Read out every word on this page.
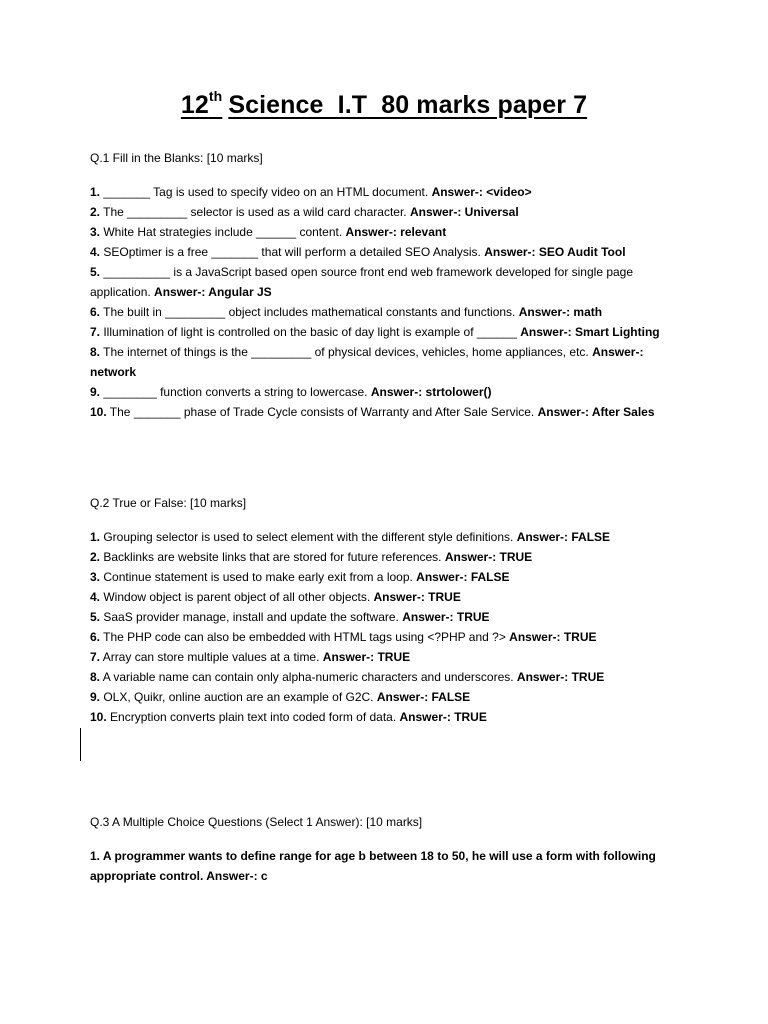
12th Science  I.T  80 marks paper 7

Q.1 Fill in the Blanks: [10 marks]

1. _______ Tag is used to specify video on an HTML document. Answer-: <video>
2. The _________ selector is used as a wild card character. Answer-: Universal
3. White Hat strategies include ______ content. Answer-: relevant
4. SEOptimer is a free _______ that will perform a detailed SEO Analysis. Answer-: SEO Audit Tool
5. __________ is a JavaScript based open source front end web framework developed for single page application. Answer-: Angular JS
6. The built in _________ object includes mathematical constants and functions. Answer-: math
7. Illumination of light is controlled on the basic of day light is example of ______ Answer-: Smart Lighting
8. The internet of things is the _________ of physical devices, vehicles, home appliances, etc. Answer-: network
9. ________ function converts a string to lowercase. Answer-: strtolower()
10. The _______ phase of Trade Cycle consists of Warranty and After Sale Service. Answer-: After Sales

Q.2 True or False: [10 marks]

1. Grouping selector is used to select element with the different style definitions. Answer-: FALSE
2. Backlinks are website links that are stored for future references. Answer-: TRUE
3. Continue statement is used to make early exit from a loop. Answer-: FALSE
4. Window object is parent object of all other objects. Answer-: TRUE
5. SaaS provider manage, install and update the software. Answer-: TRUE
6. The PHP code can also be embedded with HTML tags using <?PHP and ?> Answer-: TRUE
7. Array can store multiple values at a time. Answer-: TRUE
8. A variable name can contain only alpha-numeric characters and underscores. Answer-: TRUE
9. OLX, Quikr, online auction are an example of G2C. Answer-: FALSE
10. Encryption converts plain text into coded form of data. Answer-: TRUE

Q.3 A Multiple Choice Questions (Select 1 Answer): [10 marks]

1. A programmer wants to define range for age b between 18 to 50, he will use a form with following appropriate control. Answer-: c
